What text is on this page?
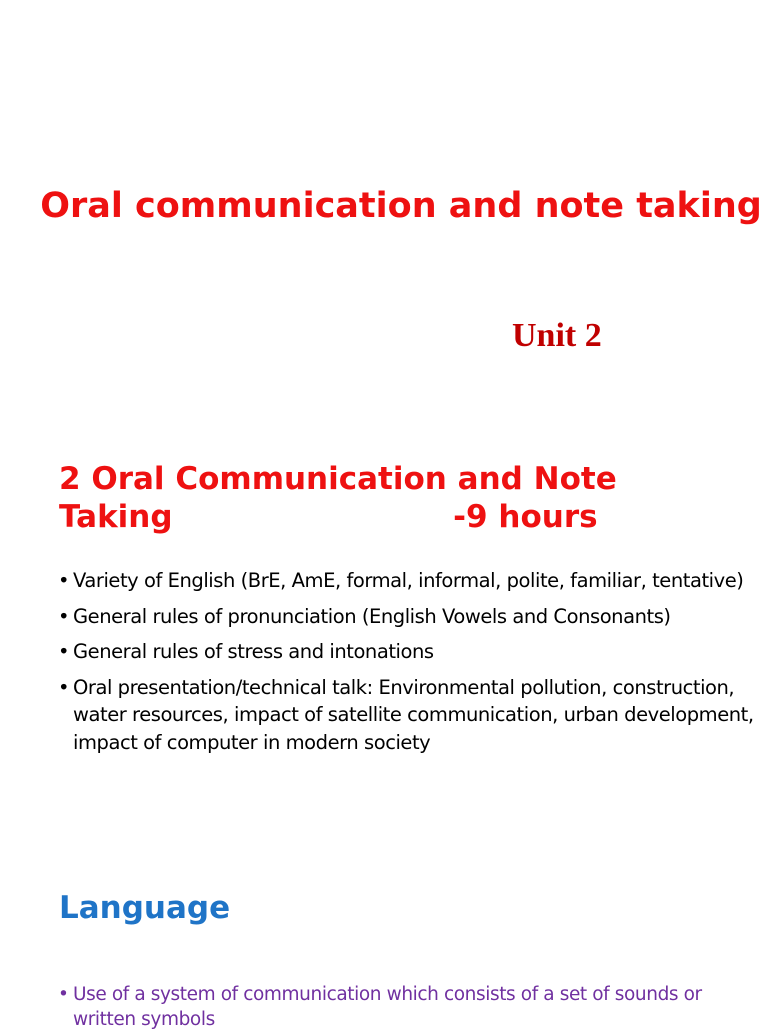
Oral communication and note taking
Unit 2
2 Oral Communication and Note
Taking                          -9 hours
• Variety of English (BrE, AmE, formal, informal, polite, familiar, tentative)
• General rules of pronunciation (English Vowels and Consonants)
• General rules of stress and intonations
• Oral presentation/technical talk: Environmental pollution, construction, water resources, impact of satellite communication, urban development, impact of computer in modern society
Language
• Use of a system of communication which consists of a set of sounds or written symbols
